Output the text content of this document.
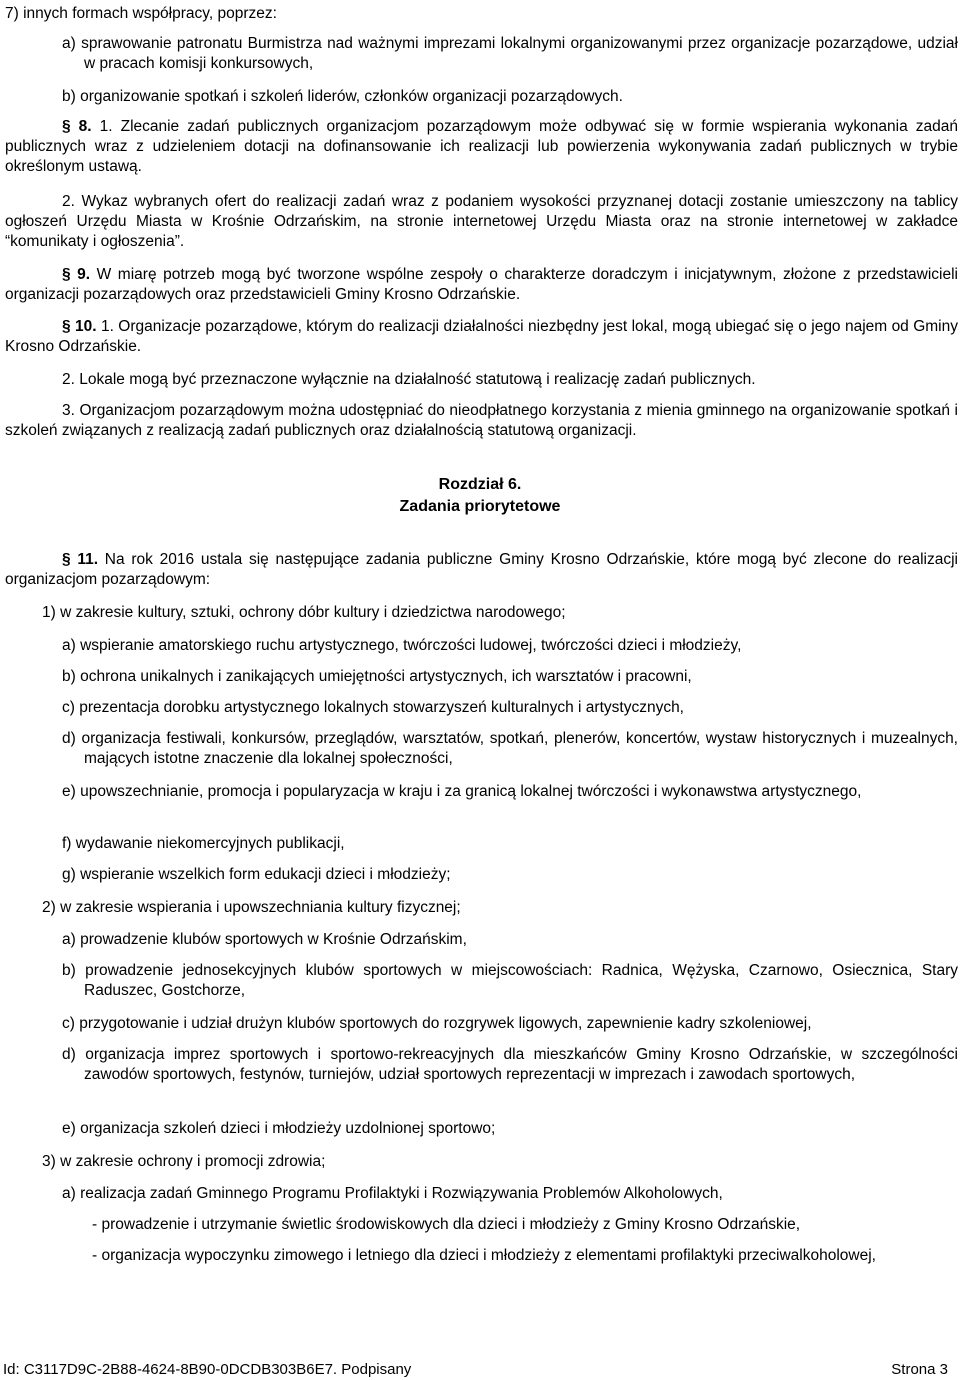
7) innych formach współpracy, poprzez:

a) sprawowanie patronatu Burmistrza nad ważnymi imprezami lokalnymi organizowanymi przez organizacje pozarządowe, udział w pracach komisji konkursowych,

b) organizowanie spotkań i szkoleń liderów, członków organizacji pozarządowych.

§ 8. 1. Zlecanie zadań publicznych organizacjom pozarządowym może odbywać się w formie wspierania wykonania zadań publicznych wraz z udzieleniem dotacji na dofinansowanie ich realizacji lub powierzenia wykonywania zadań publicznych w trybie określonym ustawą.

2. Wykaz wybranych ofert do realizacji zadań wraz z podaniem wysokości przyznanej dotacji zostanie umieszczony na tablicy ogłoszeń Urzędu Miasta w Krośnie Odrzańskim, na stronie internetowej Urzędu Miasta oraz na stronie internetowej w zakładce “komunikaty i ogłoszenia”.

§ 9. W miarę potrzeb mogą być tworzone wspólne zespoły o charakterze doradczym i inicjatywnym, złożone z przedstawicieli organizacji pozarządowych oraz przedstawicieli Gminy Krosno Odrzańskie.

§ 10. 1. Organizacje pozarządowe, którym do realizacji działalności niezbędny jest lokal, mogą ubiegać się o jego najem od Gminy Krosno Odrzańskie.

2. Lokale mogą być przeznaczone wyłącznie na działalność statutową i realizację zadań publicznych.

3. Organizacjom pozarządowym można udostępniać do nieodpłatnego korzystania z mienia gminnego na organizowanie spotkań i szkoleń związanych z realizacją zadań publicznych oraz działalnością statutową organizacji.

Rozdział 6.
Zadania priorytetowe

§ 11. Na rok 2016 ustala się następujące zadania publiczne Gminy Krosno Odrzańskie, które mogą być zlecone do realizacji organizacjom pozarządowym:

1) w zakresie kultury, sztuki, ochrony dóbr kultury i dziedzictwa narodowego;

a) wspieranie amatorskiego ruchu artystycznego, twórczości ludowej, twórczości dzieci i młodzieży,

b) ochrona unikalnych i zanikających umiejętności artystycznych, ich warsztatów i pracowni,

c) prezentacja dorobku artystycznego lokalnych stowarzyszeń kulturalnych i artystycznych,

d) organizacja festiwali, konkursów, przeglądów, warsztatów, spotkań, plenerów, koncertów, wystaw historycznych i muzealnych, mających istotne znaczenie dla lokalnej społeczności,

e) upowszechnianie, promocja i popularyzacja w kraju i za granicą lokalnej twórczości i wykonawstwa artystycznego,

f) wydawanie niekomercyjnych publikacji,

g) wspieranie wszelkich form edukacji dzieci i młodzieży;

2) w zakresie wspierania i upowszechniania kultury fizycznej;

a) prowadzenie klubów sportowych w Krośnie Odrzańskim,

b) prowadzenie jednosekcyjnych klubów sportowych w miejscowościach: Radnica, Wężyska, Czarnowo, Osiecznica, Stary Raduszec, Gostchorze,

c) przygotowanie i udział drużyn klubów sportowych do rozgrywek ligowych, zapewnienie kadry szkoleniowej,

d) organizacja imprez sportowych i sportowo-rekreacyjnych dla mieszkańców Gminy Krosno Odrzańskie, w szczególności zawodów sportowych, festynów, turniejów, udział sportowych reprezentacji w imprezach i zawodach sportowych,

e) organizacja szkoleń dzieci i młodzieży uzdolnionej sportowo;

3) w zakresie ochrony i promocji zdrowia;

a) realizacja zadań Gminnego Programu Profilaktyki i Rozwiązywania Problemów Alkoholowych,

- prowadzenie i utrzymanie świetlic środowiskowych dla dzieci i młodzieży z Gminy Krosno Odrzańskie,

- organizacja wypoczynku zimowego i letniego dla dzieci i młodzieży z elementami profilaktyki przeciwalkoholowej,

Id: C3117D9C-2B88-4624-8B90-0DCDB303B6E7. Podpisany	Strona 3
